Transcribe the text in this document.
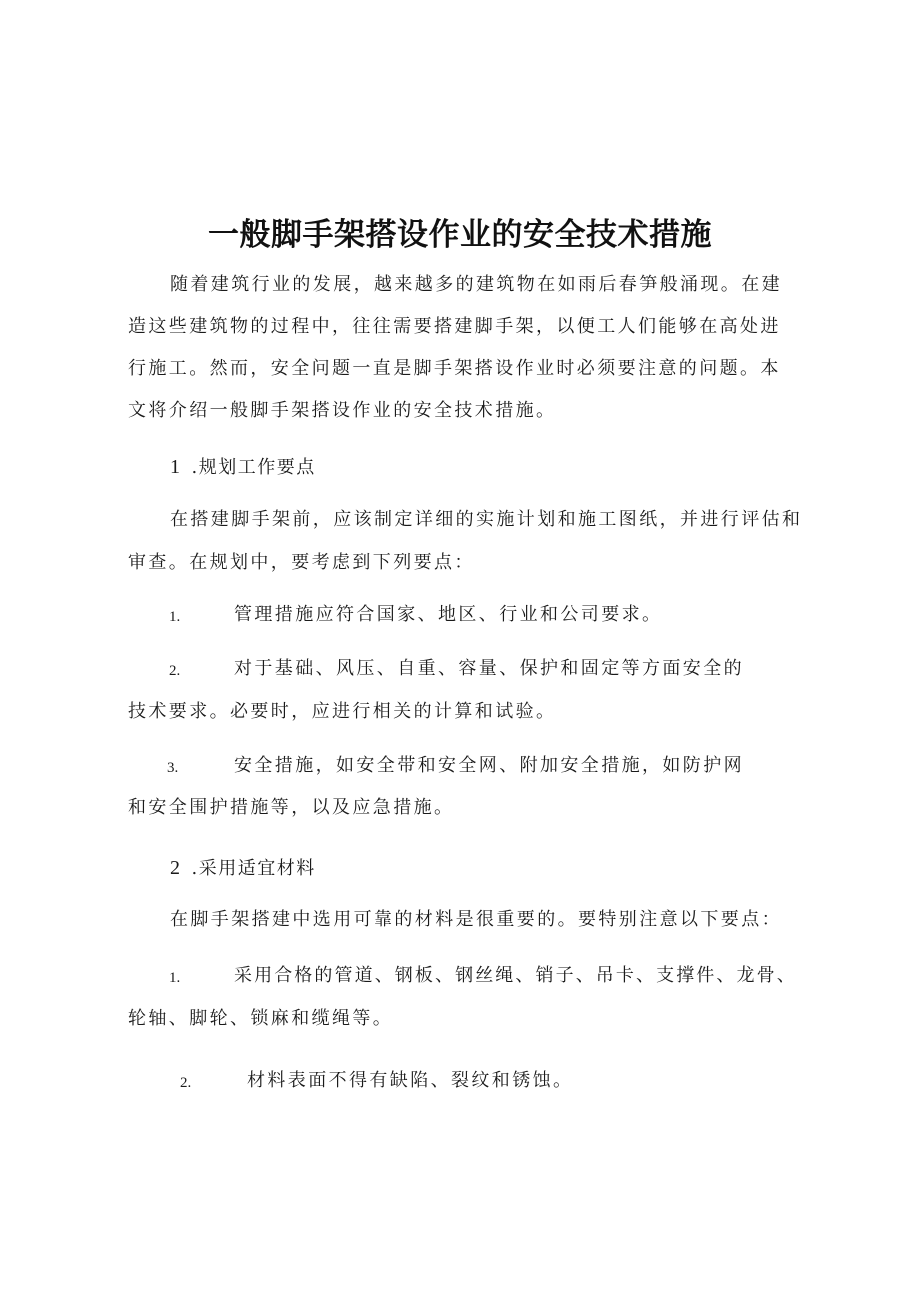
一般脚手架搭设作业的安全技术措施

随着建筑行业的发展，越来越多的建筑物在如雨后春笋般涌现。在建造这些建筑物的过程中，往往需要搭建脚手架，以便工人们能够在高处进行施工。然而，安全问题一直是脚手架搭设作业时必须要注意的问题。本文将介绍一般脚手架搭设作业的安全技术措施。

1 .规划工作要点

在搭建脚手架前，应该制定详细的实施计划和施工图纸，并进行评估和

审查。在规划中，要考虑到下列要点：

1.	管理措施应符合国家、地区、行业和公司要求。

2.	对于基础、风压、自重、容量、保护和固定等方面安全的

技术要求。必要时，应进行相关的计算和试验。

3.	安全措施，如安全带和安全网、附加安全措施，如防护网

和安全围护措施等，以及应急措施。

2 .采用适宜材料

在脚手架搭建中选用可靠的材料是很重要的。要特别注意以下要点：

1.	采用合格的管道、钢板、钢丝绳、销子、吊卡、支撑件、龙骨、

轮轴、脚轮、锁麻和缆绳等。

2.	材料表面不得有缺陷、裂纹和锈蚀。
